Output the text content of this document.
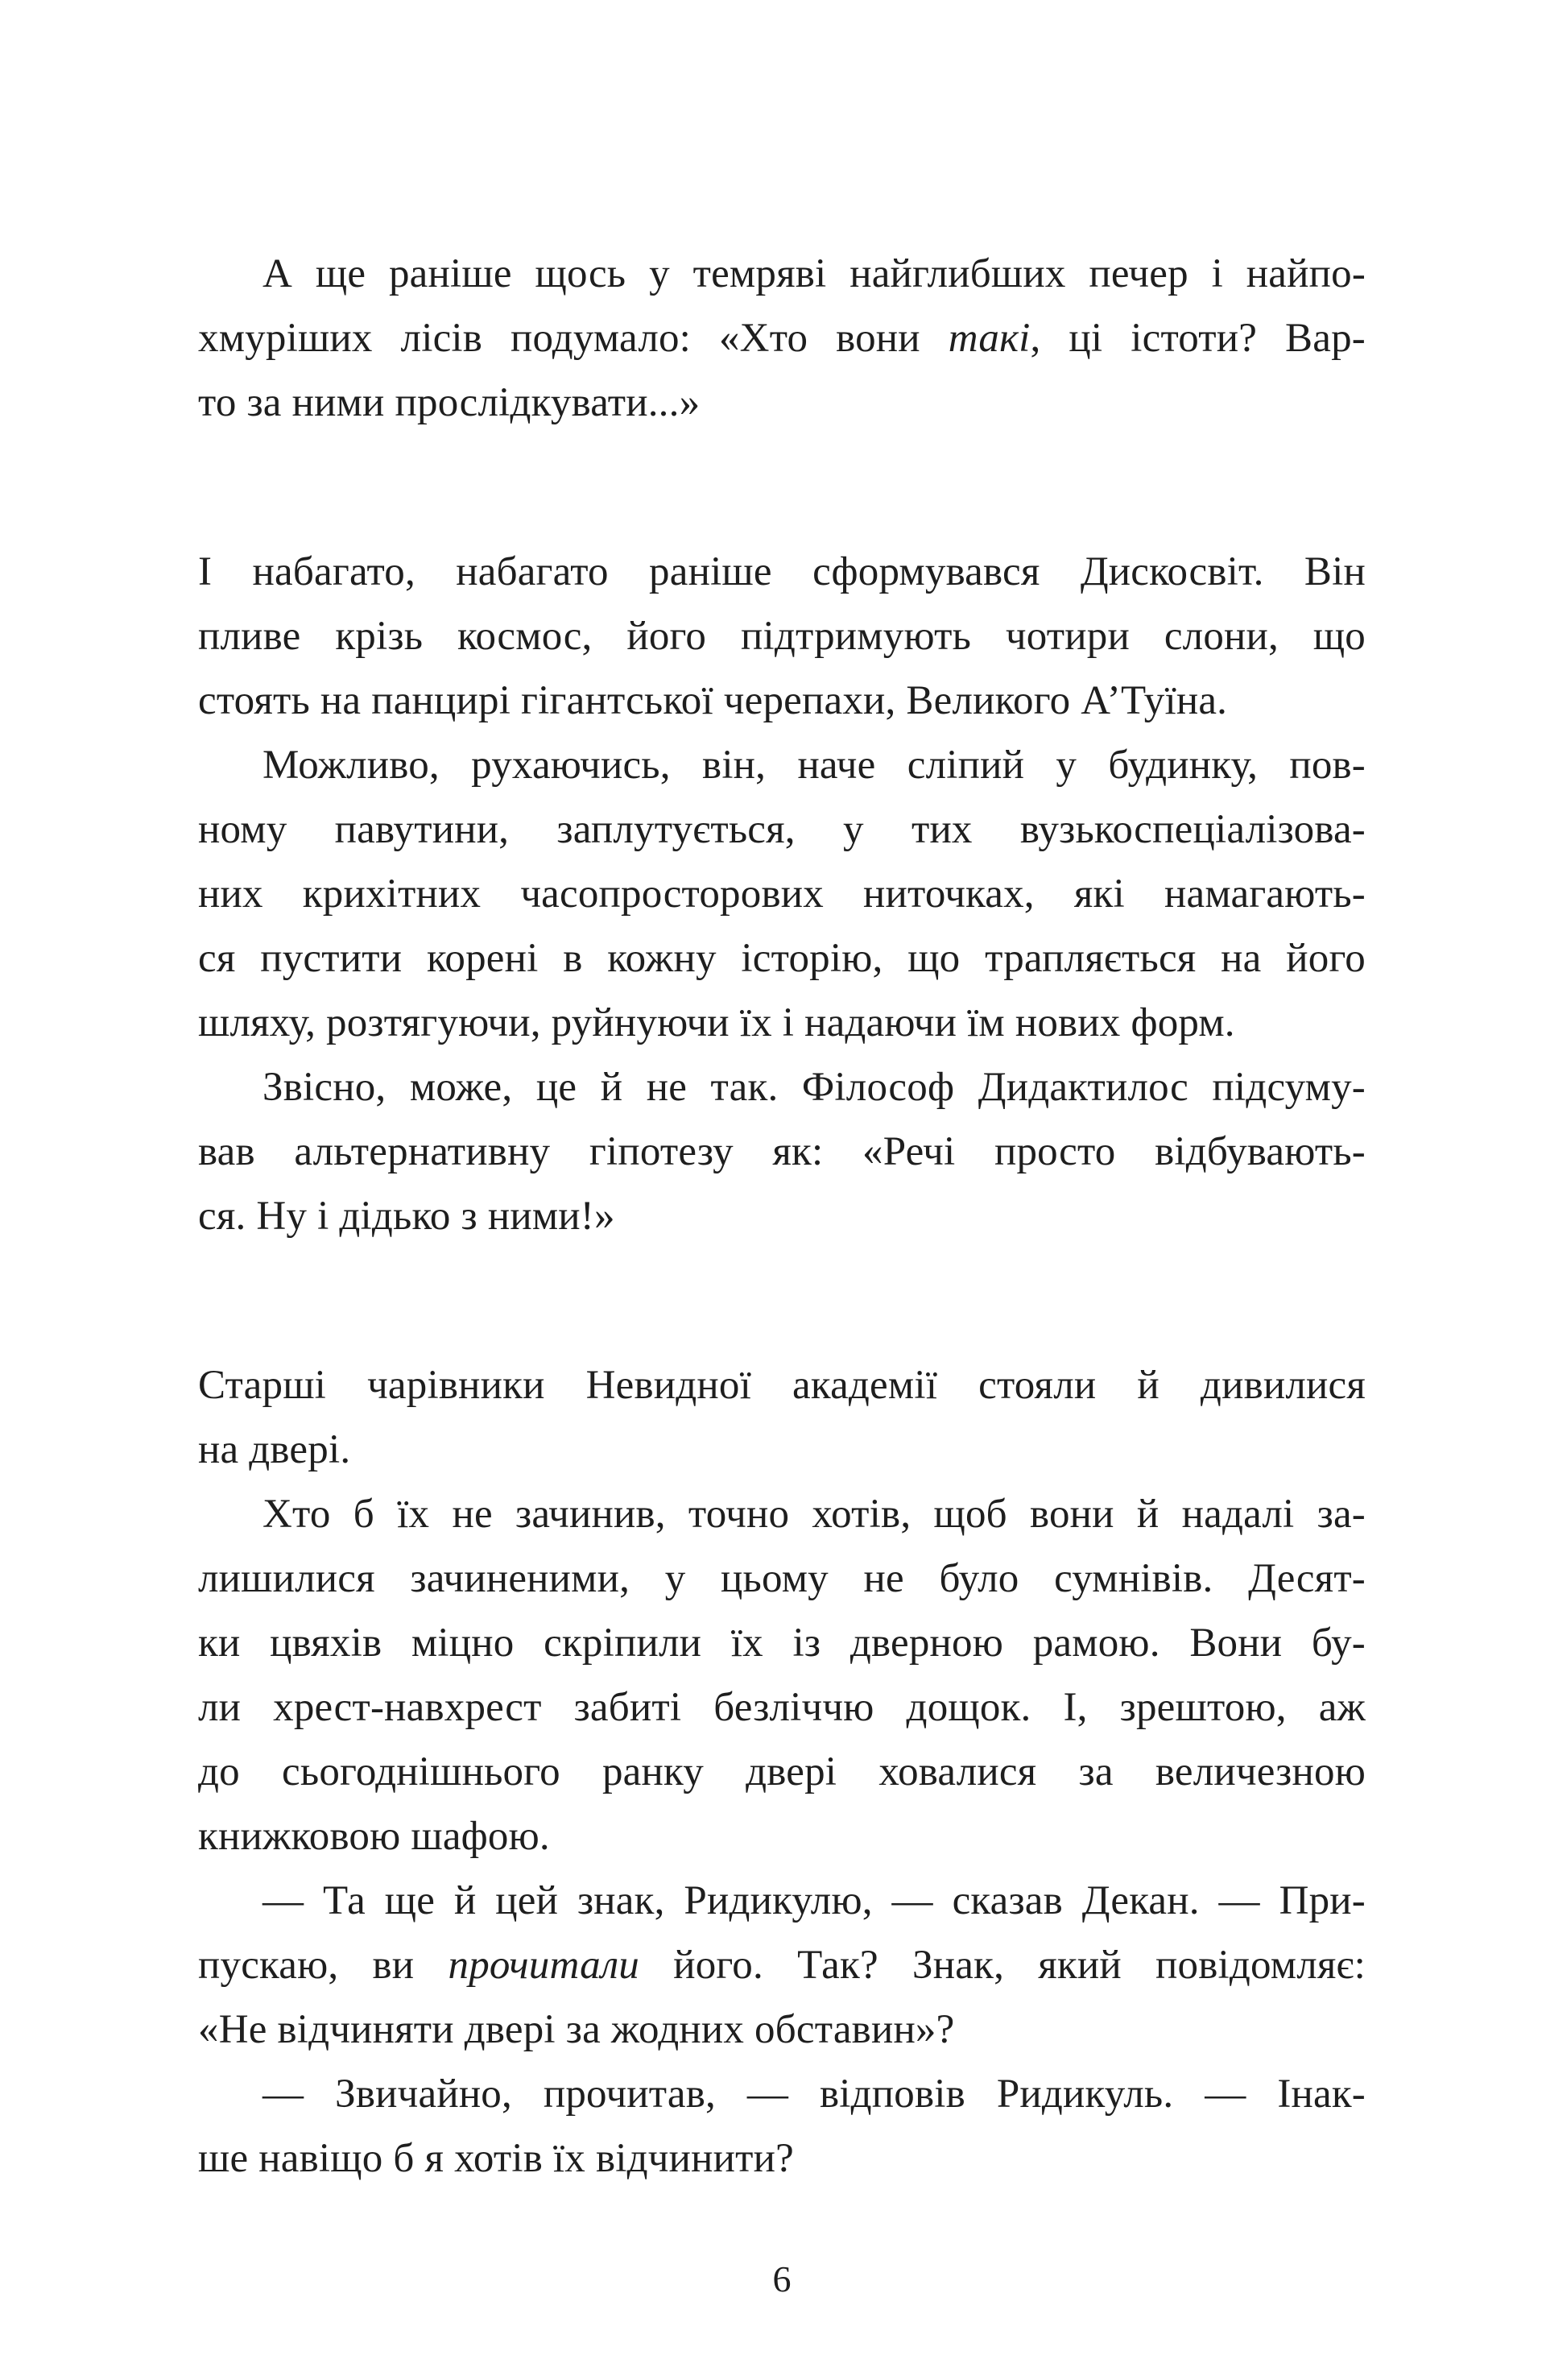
А ще раніше щось у темряві найглибших печер і найпо-
хмуріших лісів подумало: «Хто вони такі, ці істоти? Вар-
то за ними прослідкувати...»

І набагато, набагато раніше сформувався Дискосвіт. Він
пливе крізь космос, його підтримують чотири слони, що
стоять на панцирі гігантської черепахи, Великого А’Туїна.

Можливо, рухаючись, він, наче сліпий у будинку, пов-
ному павутини, заплутується, у тих вузькоспеціалізова-
них крихітних часопросторових ниточках, які намагають-
ся пустити корені в кожну історію, що трапляється на його
шляху, розтягуючи, руйнуючи їх і надаючи їм нових форм.

Звісно, може, це й не так. Філософ Дидактилос підсуму-
вав альтернативну гіпотезу як: «Речі просто відбувають-
ся. Ну і дідько з ними!»

Старші чарівники Невидної академії стояли й дивилися
на двері.

Хто б їх не зачинив, точно хотів, щоб вони й надалі за-
лишилися зачиненими, у цьому не було сумнівів. Десят-
ки цвяхів міцно скріпили їх із дверною рамою. Вони бу-
ли хрест-навхрест забиті безліччю дощок. І, зрештою, аж
до сьогоднішнього ранку двері ховалися за величезною
книжковою шафою.

— Та ще й цей знак, Ридикулю, — сказав Декан. — При-
пускаю, ви прочитали його. Так? Знак, який повідомляє:
«Не відчиняти двері за жодних обставин»?

— Звичайно, прочитав, — відповів Ридикуль. — Інак-
ше навіщо б я хотів їх відчинити?

6
